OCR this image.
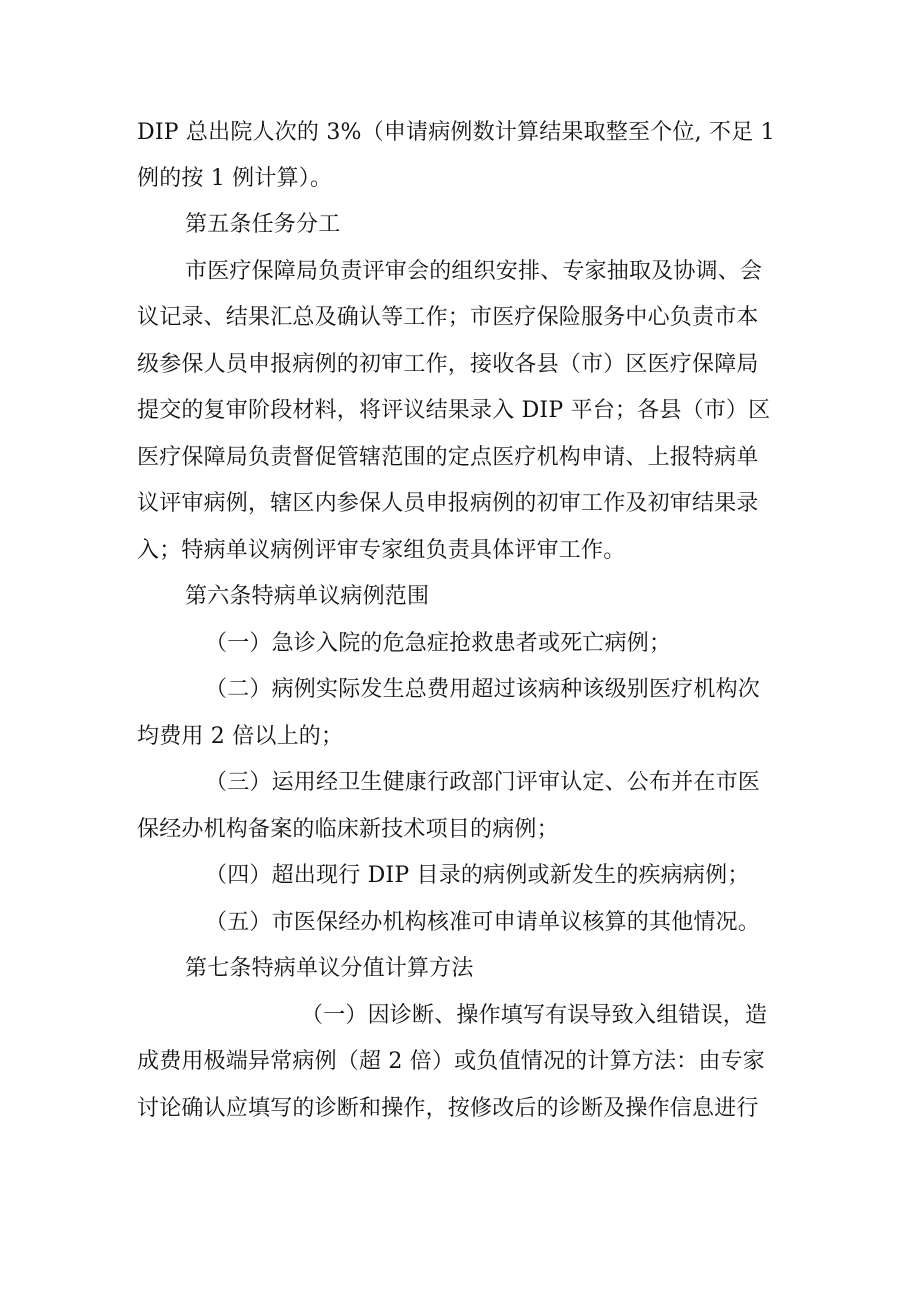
DIP 总出院人次的 3%（申请病例数计算结果取整至个位, 不足 1
例的按 1 例计算）。
第五条任务分工
市医疗保障局负责评审会的组织安排、专家抽取及协调、会
议记录、结果汇总及确认等工作；市医疗保险服务中心负责市本
级参保人员申报病例的初审工作，接收各县（市）区医疗保障局
提交的复审阶段材料，将评议结果录入 DIP 平台；各县（市）区
医疗保障局负责督促管辖范围的定点医疗机构申请、上报特病单
议评审病例，辖区内参保人员申报病例的初审工作及初审结果录
入；特病单议病例评审专家组负责具体评审工作。
第六条特病单议病例范围
（一）急诊入院的危急症抢救患者或死亡病例；
（二）病例实际发生总费用超过该病种该级别医疗机构次
均费用 2 倍以上的；
（三）运用经卫生健康行政部门评审认定、公布并在市医
保经办机构备案的临床新技术项目的病例；
（四）超出现行 DIP 目录的病例或新发生的疾病病例；
（五）市医保经办机构核准可申请单议核算的其他情况。
第七条特病单议分值计算方法
（一）因诊断、操作填写有误导致入组错误，造
成费用极端异常病例（超 2 倍）或负值情况的计算方法：由专家
讨论确认应填写的诊断和操作，按修改后的诊断及操作信息进行
